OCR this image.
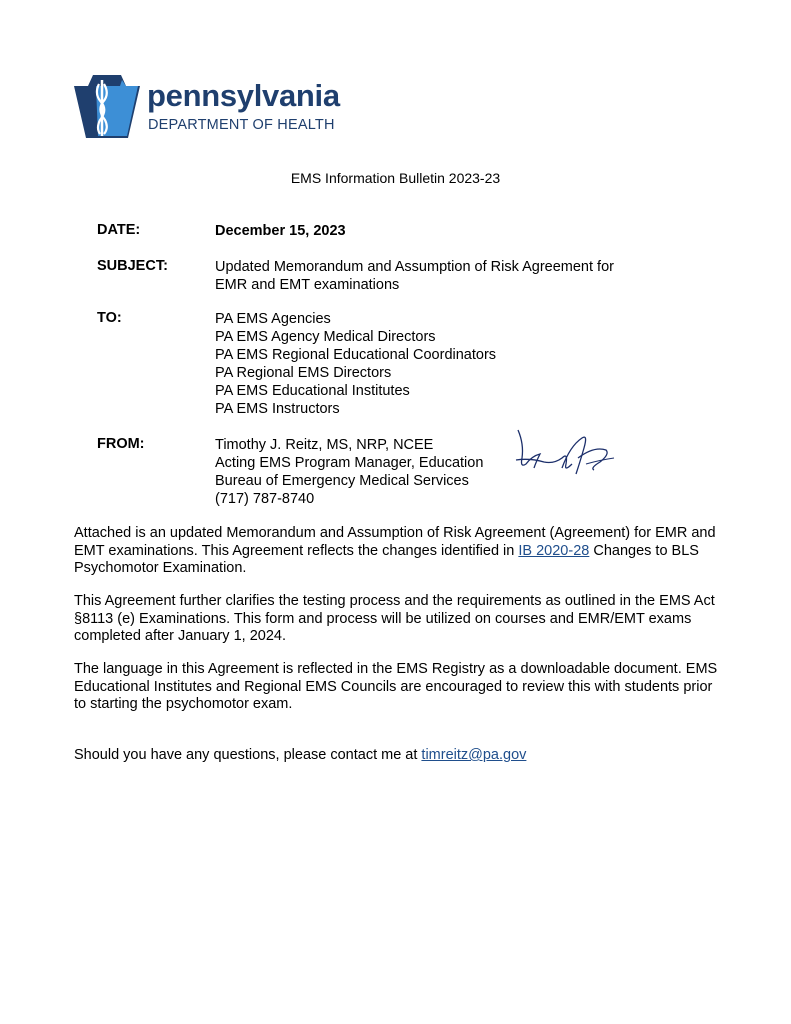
pennsylvania
DEPARTMENT OF HEALTH
EMS Information Bulletin 2023-23
DATE:	December 15, 2023
SUBJECT:	Updated Memorandum and Assumption of Risk Agreement for
EMR and EMT examinations
TO:	PA EMS Agencies
PA EMS Agency Medical Directors
PA EMS Regional Educational Coordinators
PA Regional EMS Directors
PA EMS Educational Institutes
PA EMS Instructors
FROM:	Timothy J. Reitz, MS, NRP, NCEE
Acting EMS Program Manager, Education
Bureau of Emergency Medical Services
(717) 787-8740
Attached is an updated Memorandum and Assumption of Risk Agreement (Agreement) for EMR and EMT examinations. This Agreement reflects the changes identified in IB 2020-28 Changes to BLS Psychomotor Examination.
This Agreement further clarifies the testing process and the requirements as outlined in the EMS Act §8113 (e) Examinations. This form and process will be utilized on courses and EMR/EMT exams completed after January 1, 2024.
The language in this Agreement is reflected in the EMS Registry as a downloadable document. EMS Educational Institutes and Regional EMS Councils are encouraged to review this with students prior to starting the psychomotor exam.
Should you have any questions, please contact me at timreitz@pa.gov
